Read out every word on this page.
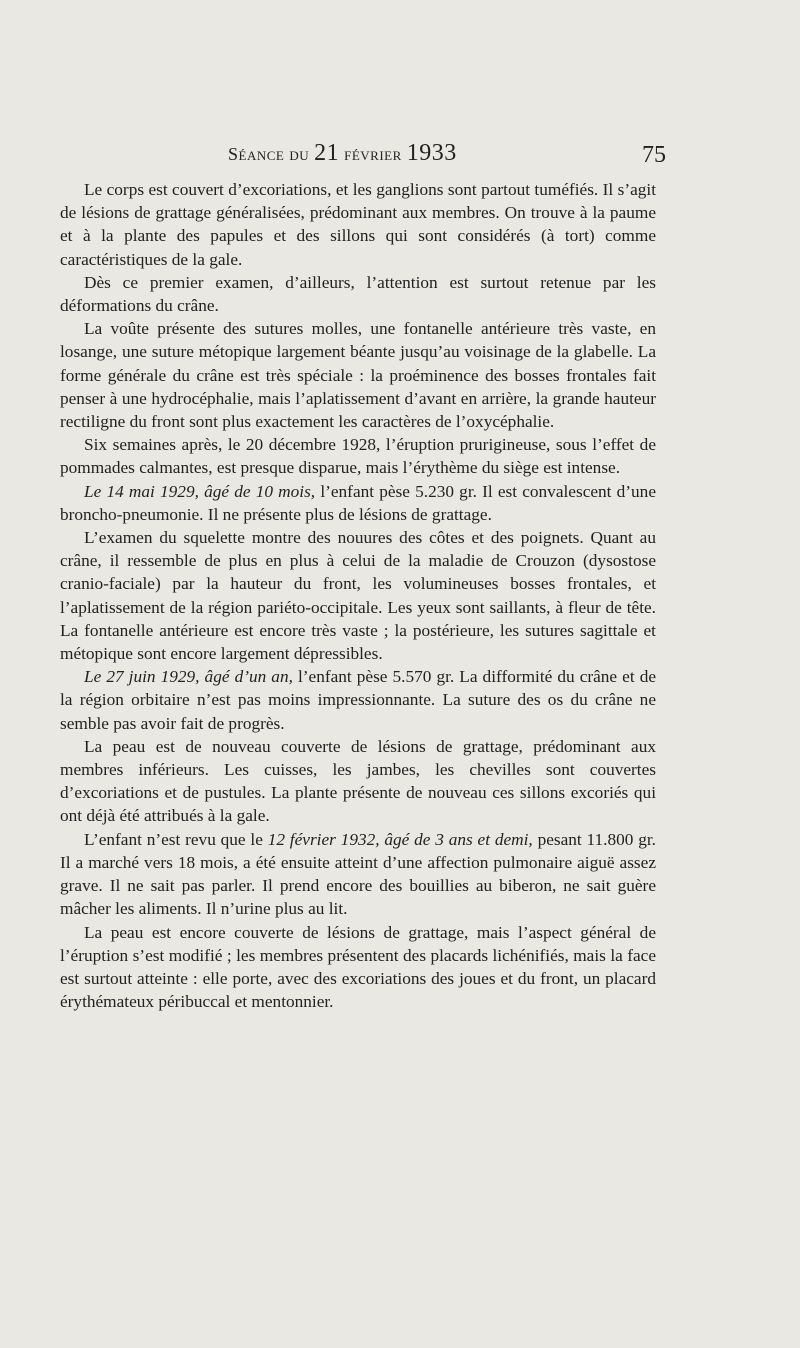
Séance du 21 février 1933	75

Le corps est couvert d’excoriations, et les ganglions sont partout tuméfiés. Il s’agit de lésions de grattage généralisées, prédominant aux membres. On trouve à la paume et à la plante des papules et des sillons qui sont considérés (à tort) comme caractéristiques de la gale.

Dès ce premier examen, d’ailleurs, l’attention est surtout retenue par les déformations du crâne.

La voûte présente des sutures molles, une fontanelle antérieure très vaste, en losange, une suture métopique largement béante jusqu’au voisinage de la glabelle. La forme générale du crâne est très spéciale : la proéminence des bosses frontales fait penser à une hydrocéphalie, mais l’aplatissement d’avant en arrière, la grande hauteur rectiligne du front sont plus exactement les caractères de l’oxycéphalie.

Six semaines après, le 20 décembre 1928, l’éruption prurigineuse, sous l’effet de pommades calmantes, est presque disparue, mais l’érythème du siège est intense.

Le 14 mai 1929, âgé de 10 mois, l’enfant pèse 5.230 gr. Il est convalescent d’une broncho-pneumonie. Il ne présente plus de lésions de grattage.

L’examen du squelette montre des nouures des côtes et des poignets. Quant au crâne, il ressemble de plus en plus à celui de la maladie de Crouzon (dysostose cranio-faciale) par la hauteur du front, les volumineuses bosses frontales, et l’aplatissement de la région pariéto-occipitale. Les yeux sont saillants, à fleur de tête. La fontanelle antérieure est encore très vaste ; la postérieure, les sutures sagittale et métopique sont encore largement dépressibles.

Le 27 juin 1929, âgé d’un an, l’enfant pèse 5.570 gr. La difformité du crâne et de la région orbitaire n’est pas moins impressionnante. La suture des os du crâne ne semble pas avoir fait de progrès.

La peau est de nouveau couverte de lésions de grattage, prédominant aux membres inférieurs. Les cuisses, les jambes, les chevilles sont couvertes d’excoriations et de pustules. La plante présente de nouveau ces sillons excoriés qui ont déjà été attribués à la gale.

L’enfant n’est revu que le 12 février 1932, âgé de 3 ans et demi, pesant 11.800 gr. Il a marché vers 18 mois, a été ensuite atteint d’une affection pulmonaire aiguë assez grave. Il ne sait pas parler. Il prend encore des bouillies au biberon, ne sait guère mâcher les aliments. Il n’urine plus au lit.

La peau est encore couverte de lésions de grattage, mais l’aspect général de l’éruption s’est modifié ; les membres présentent des placards lichénifiés, mais la face est surtout atteinte : elle porte, avec des excoriations des joues et du front, un placard érythémateux péribuccal et mentonnier.
